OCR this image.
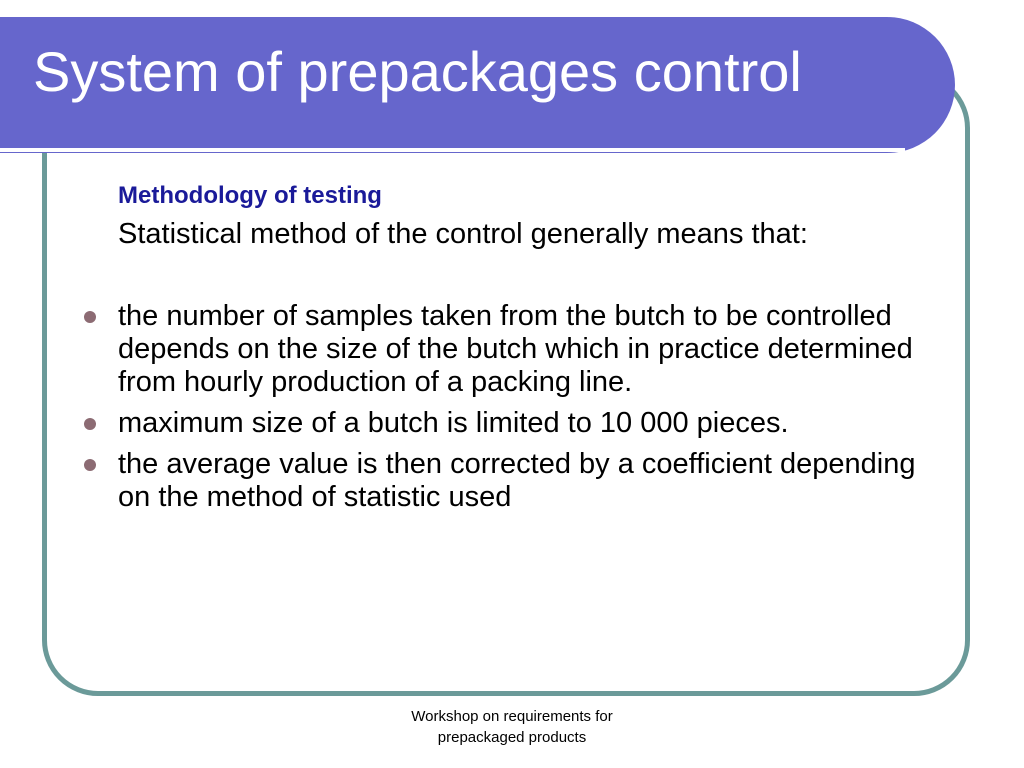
System of prepackages control

Methodology of testing

Statistical method of the control generally means that:

the number of samples taken from the butch to be controlled depends on the size of the butch which in practice determined from hourly production of a packing line.
maximum size of a butch is limited to 10 000 pieces.
the average value is then corrected by a coefficient depending on the method of statistic used

Workshop on requirements for
prepackaged products
